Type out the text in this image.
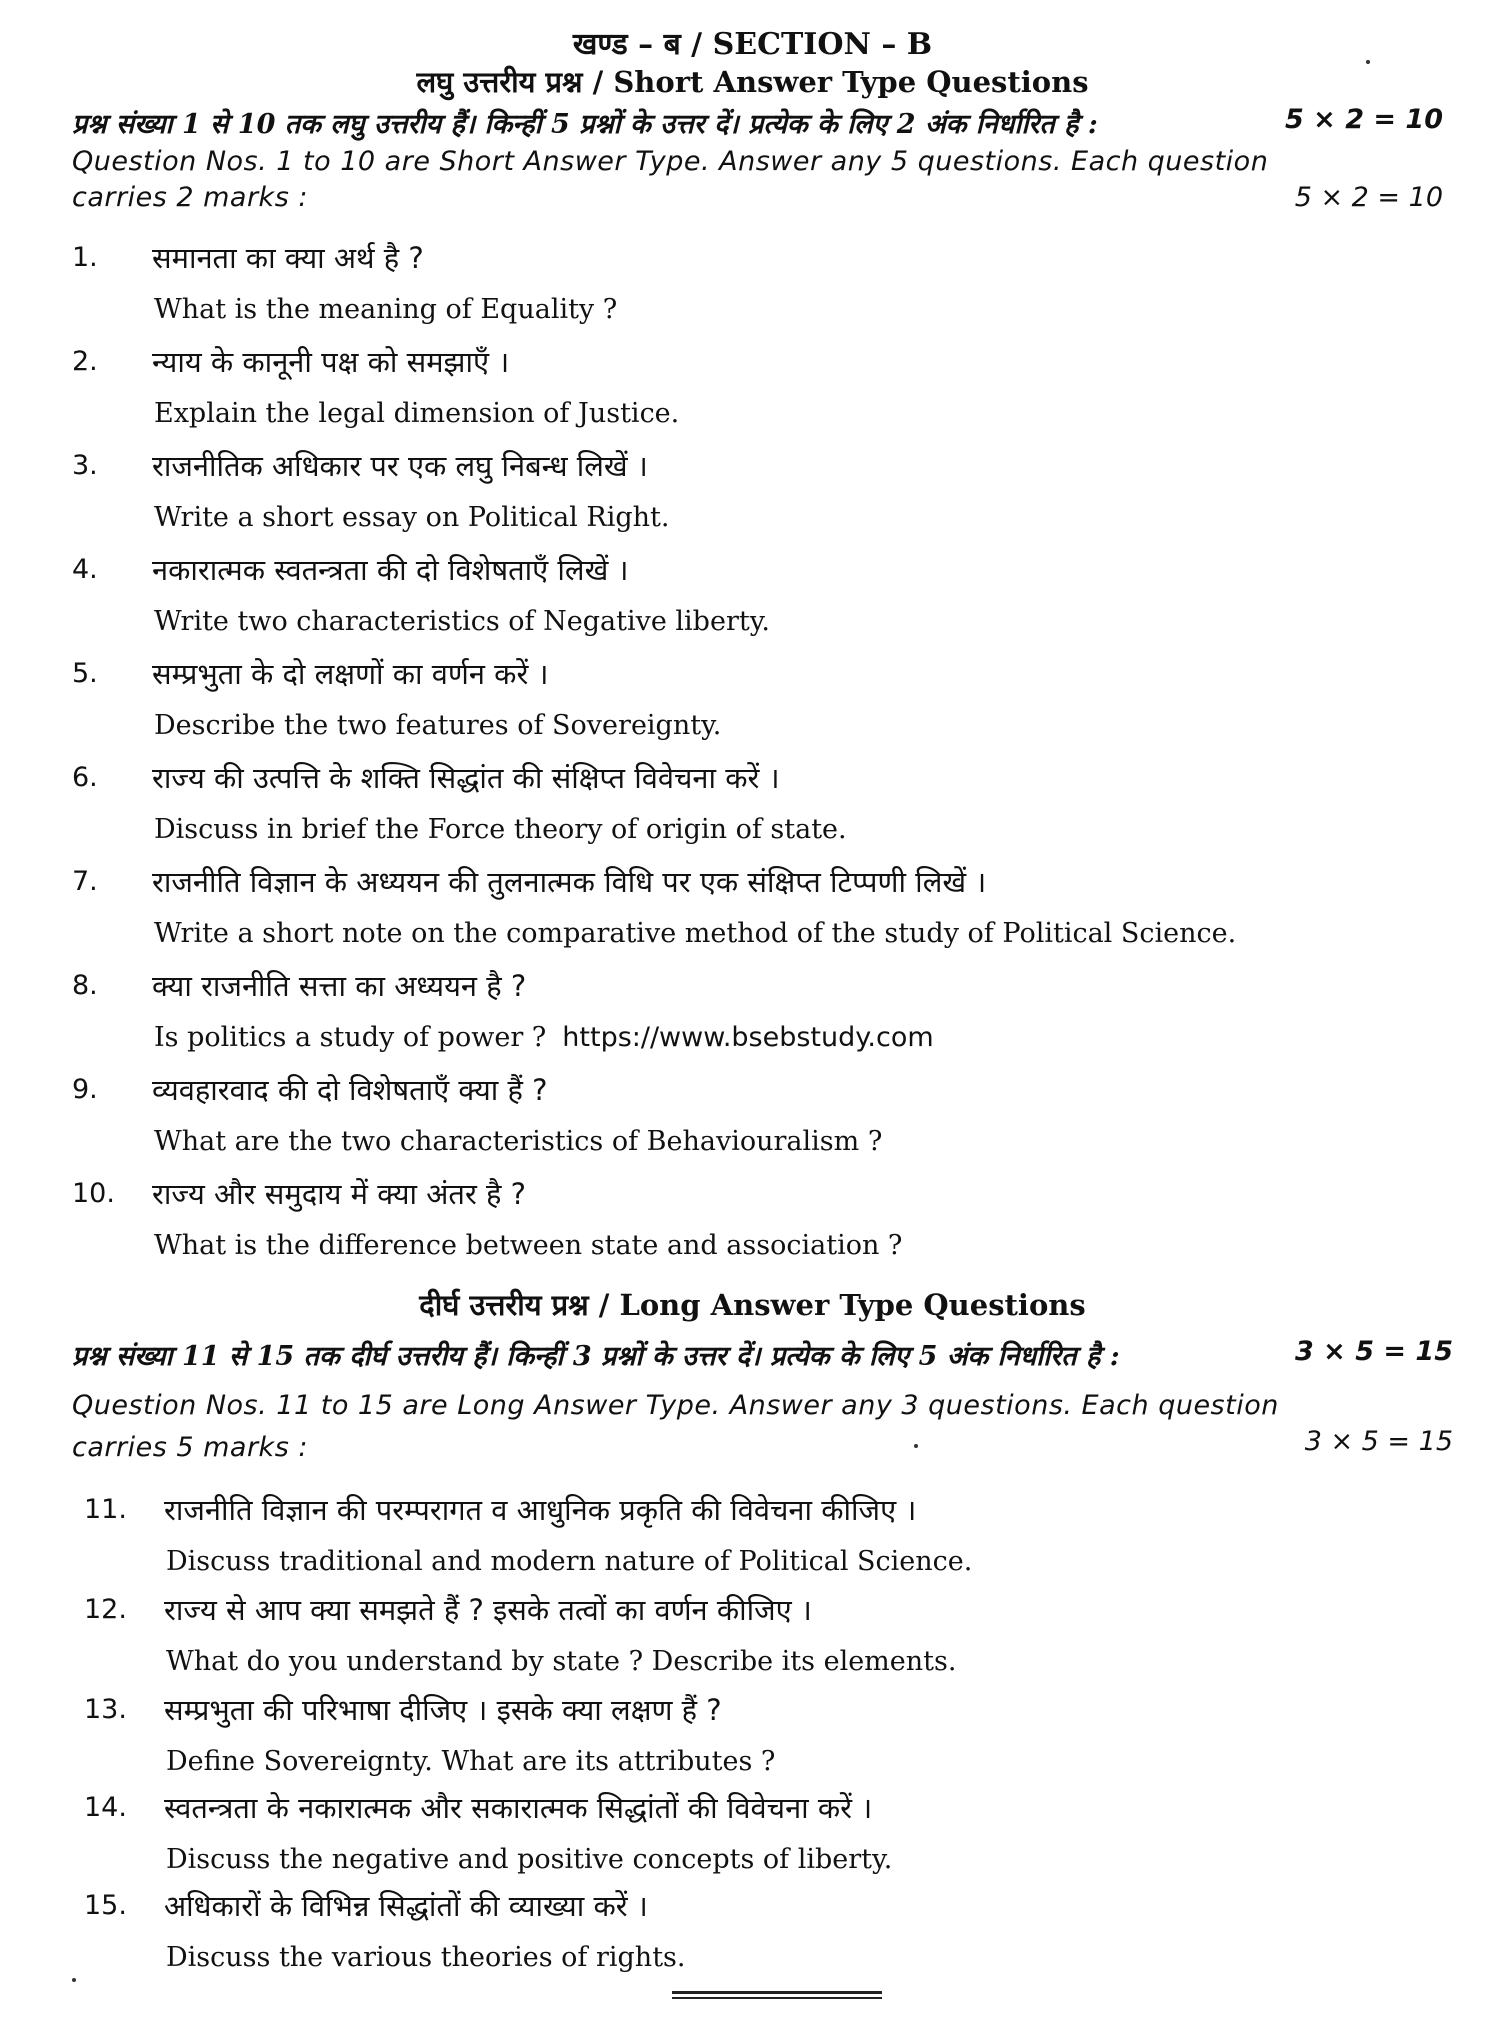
खण्ड – ब / SECTION – B
लघु उत्तरीय प्रश्न / Short Answer Type Questions
प्रश्न संख्या 1 से 10 तक लघु उत्तरीय हैं। किन्हीं 5 प्रश्नों के उत्तर दें। प्रत्येक के लिए 2 अंक निर्धारित है :	5 × 2 = 10
Question Nos. 1 to 10 are Short Answer Type. Answer any 5 questions. Each question
carries 2 marks :	5 × 2 = 10
1. समानता का क्या अर्थ है ?
What is the meaning of Equality ?
2. न्याय के कानूनी पक्ष को समझाएँ ।
Explain the legal dimension of Justice.
3. राजनीतिक अधिकार पर एक लघु निबन्ध लिखें ।
Write a short essay on Political Right.
4. नकारात्मक स्वतन्त्रता की दो विशेषताएँ लिखें ।
Write two characteristics of Negative liberty.
5. सम्प्रभुता के दो लक्षणों का वर्णन करें ।
Describe the two features of Sovereignty.
6. राज्य की उत्पत्ति के शक्ति सिद्धांत की संक्षिप्त विवेचना करें ।
Discuss in brief the Force theory of origin of state.
7. राजनीति विज्ञान के अध्ययन की तुलनात्मक विधि पर एक संक्षिप्त टिप्पणी लिखें ।
Write a short note on the comparative method of the study of Political Science.
8. क्या राजनीति सत्ता का अध्ययन है ?
Is politics a study of power ? https://www.bsebstudy.com
9. व्यवहारवाद की दो विशेषताएँ क्या हैं ?
What are the two characteristics of Behaviouralism ?
10. राज्य और समुदाय में क्या अंतर है ?
What is the difference between state and association ?
दीर्घ उत्तरीय प्रश्न / Long Answer Type Questions
प्रश्न संख्या 11 से 15 तक दीर्घ उत्तरीय हैं। किन्हीं 3 प्रश्नों के उत्तर दें। प्रत्येक के लिए 5 अंक निर्धारित है :	3 × 5 = 15
Question Nos. 11 to 15 are Long Answer Type. Answer any 3 questions. Each question
carries 5 marks :	3 × 5 = 15
11. राजनीति विज्ञान की परम्परागत व आधुनिक प्रकृति की विवेचना कीजिए ।
Discuss traditional and modern nature of Political Science.
12. राज्य से आप क्या समझते हैं ? इसके तत्वों का वर्णन कीजिए ।
What do you understand by state ? Describe its elements.
13. सम्प्रभुता की परिभाषा दीजिए । इसके क्या लक्षण हैं ?
Define Sovereignty. What are its attributes ?
14. स्वतन्त्रता के नकारात्मक और सकारात्मक सिद्धांतों की विवेचना करें ।
Discuss the negative and positive concepts of liberty.
15. अधिकारों के विभिन्न सिद्धांतों की व्याख्या करें ।
Discuss the various theories of rights.
